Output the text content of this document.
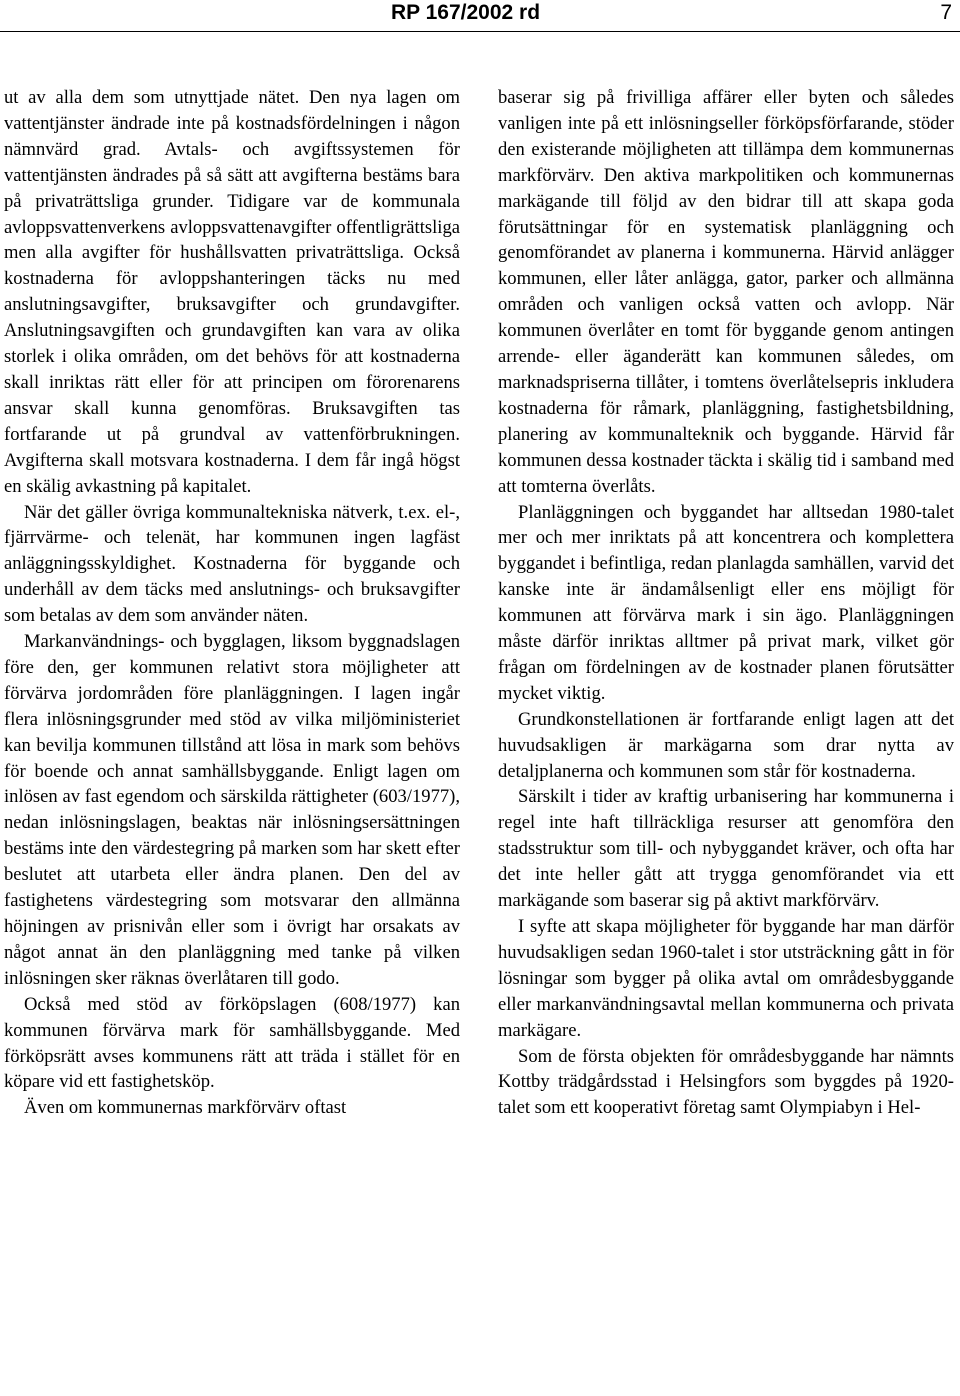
RP 167/2002 rd	7

ut av alla dem som utnyttjade nätet. Den nya lagen om vattentjänster ändrade inte på kostnadsfördelningen i någon nämnvärd grad. Avtals- och avgiftssystemen för vattentjänsten ändrades på så sätt att avgifterna bestäms bara på privaträttsliga grunder. Tidigare var de kommunala avloppsvattenverkens avloppsvattenavgifter offentligrättsliga men alla avgifter för hushållsvatten privaträttsliga. Också kostnaderna för avloppshanteringen täcks nu med anslutningsavgifter, bruksavgifter och grundavgifter. Anslutningsavgiften och grundavgiften kan vara av olika storlek i olika områden, om det behövs för att kostnaderna skall inriktas rätt eller för att principen om förorenarens ansvar skall kunna genomföras. Bruksavgiften tas fortfarande ut på grundval av vattenförbrukningen. Avgifterna skall motsvara kostnaderna. I dem får ingå högst en skälig avkastning på kapitalet.

När det gäller övriga kommunaltekniska nätverk, t.ex. el-, fjärrvärme- och telenät, har kommunen ingen lagfäst anläggningsskyldighet. Kostnaderna för byggande och underhåll av dem täcks med anslutnings- och bruksavgifter som betalas av dem som använder näten.

Markanvändnings- och bygglagen, liksom byggnadslagen före den, ger kommunen relativt stora möjligheter att förvärva jordområden före planläggningen. I lagen ingår flera inlösningsgrunder med stöd av vilka miljöministeriet kan bevilja kommunen tillstånd att lösa in mark som behövs för boende och annat samhällsbyggande. Enligt lagen om inlösen av fast egendom och särskilda rättigheter (603/1977), nedan inlösningslagen, beaktas när inlösningsersättningen bestäms inte den värdestegring på marken som har skett efter beslutet att utarbeta eller ändra planen. Den del av fastighetens värdestegring som motsvarar den allmänna höjningen av prisnivån eller som i övrigt har orsakats av något annat än den planläggning med tanke på vilken inlösningen sker räknas överlåtaren till godo.

Också med stöd av förköpslagen (608/1977) kan kommunen förvärva mark för samhällsbyggande. Med förköpsrätt avses kommunens rätt att träda i stället för en köpare vid ett fastighetsköp.

Även om kommunernas markförvärv oftast

baserar sig på frivilliga affärer eller byten och således vanligen inte på ett inlösningseller förköpsförfarande, stöder den existerande möjligheten att tillämpa dem kommunernas markförvärv. Den aktiva markpolitiken och kommunernas markägande till följd av den bidrar till att skapa goda förutsättningar för en systematisk planläggning och genomförandet av planerna i kommunerna. Härvid anlägger kommunen, eller låter anlägga, gator, parker och allmänna områden och vanligen också vatten och avlopp. När kommunen överlåter en tomt för byggande genom antingen arrende- eller äganderätt kan kommunen således, om marknadspriserna tillåter, i tomtens överlåtelsepris inkludera kostnaderna för råmark, planläggning, fastighetsbildning, planering av kommunalteknik och byggande. Härvid får kommunen dessa kostnader täckta i skälig tid i samband med att tomterna överlåts.

Planläggningen och byggandet har alltsedan 1980-talet mer och mer inriktats på att koncentrera och komplettera byggandet i befintliga, redan planlagda samhällen, varvid det kanske inte är ändamålsenligt eller ens möjligt för kommunen att förvärva mark i sin ägo. Planläggningen måste därför inriktas alltmer på privat mark, vilket gör frågan om fördelningen av de kostnader planen förutsätter mycket viktig.

Grundkonstellationen är fortfarande enligt lagen att det huvudsakligen är markägarna som drar nytta av detaljplanerna och kommunen som står för kostnaderna.

Särskilt i tider av kraftig urbanisering har kommunerna i regel inte haft tillräckliga resurser att genomföra den stadsstruktur som till- och nybyggandet kräver, och ofta har det inte heller gått att trygga genomförandet via ett markägande som baserar sig på aktivt markförvärv.

I syfte att skapa möjligheter för byggande har man därför huvudsakligen sedan 1960-talet i stor utsträckning gått in för lösningar som bygger på olika avtal om områdesbyggande eller markanvändningsavtal mellan kommunerna och privata markägare.

Som de första objekten för områdesbyggande har nämnts Kottby trädgårdsstad i Helsingfors som byggdes på 1920-talet som ett kooperativt företag samt Olympiabyn i Hel-
